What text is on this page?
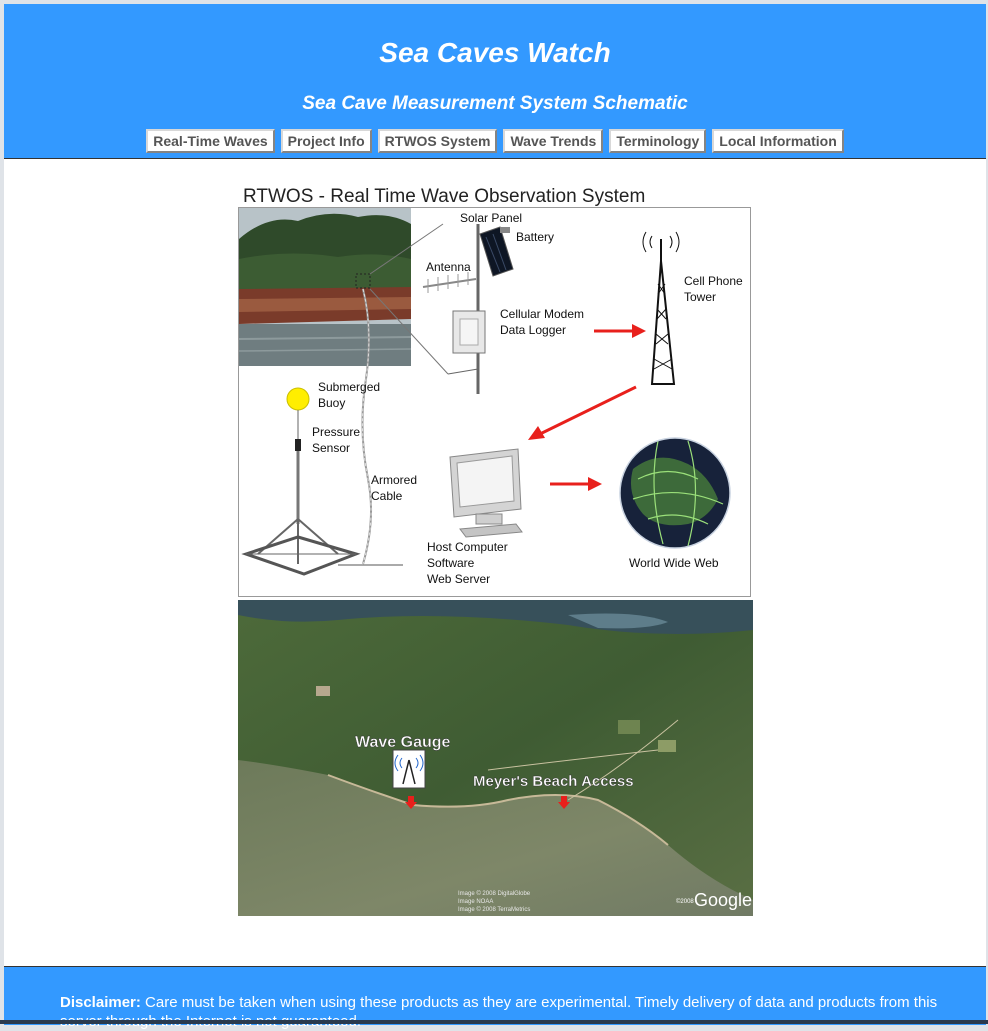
Sea Caves Watch
Sea Cave Measurement System Schematic
Real-Time Waves Project Info RTWOS System Wave Trends Terminology Local Information
RTWOS - Real Time Wave Observation System
Solar Panel
Battery
Antenna
Cellular Modem
Data Logger
Cell Phone
Tower
Submerged
Buoy
Pressure
Sensor
Armored
Cable
Host Computer
Software
Web Server
World Wide Web
Wave Gauge
Meyer's Beach Access
Image © 2008 DigitalGlobe
Image NOAA
Image © 2008 TerraMetrics
©2008 Google
Disclaimer: Care must be taken when using these products as they are experimental. Timely delivery of data and products from this
